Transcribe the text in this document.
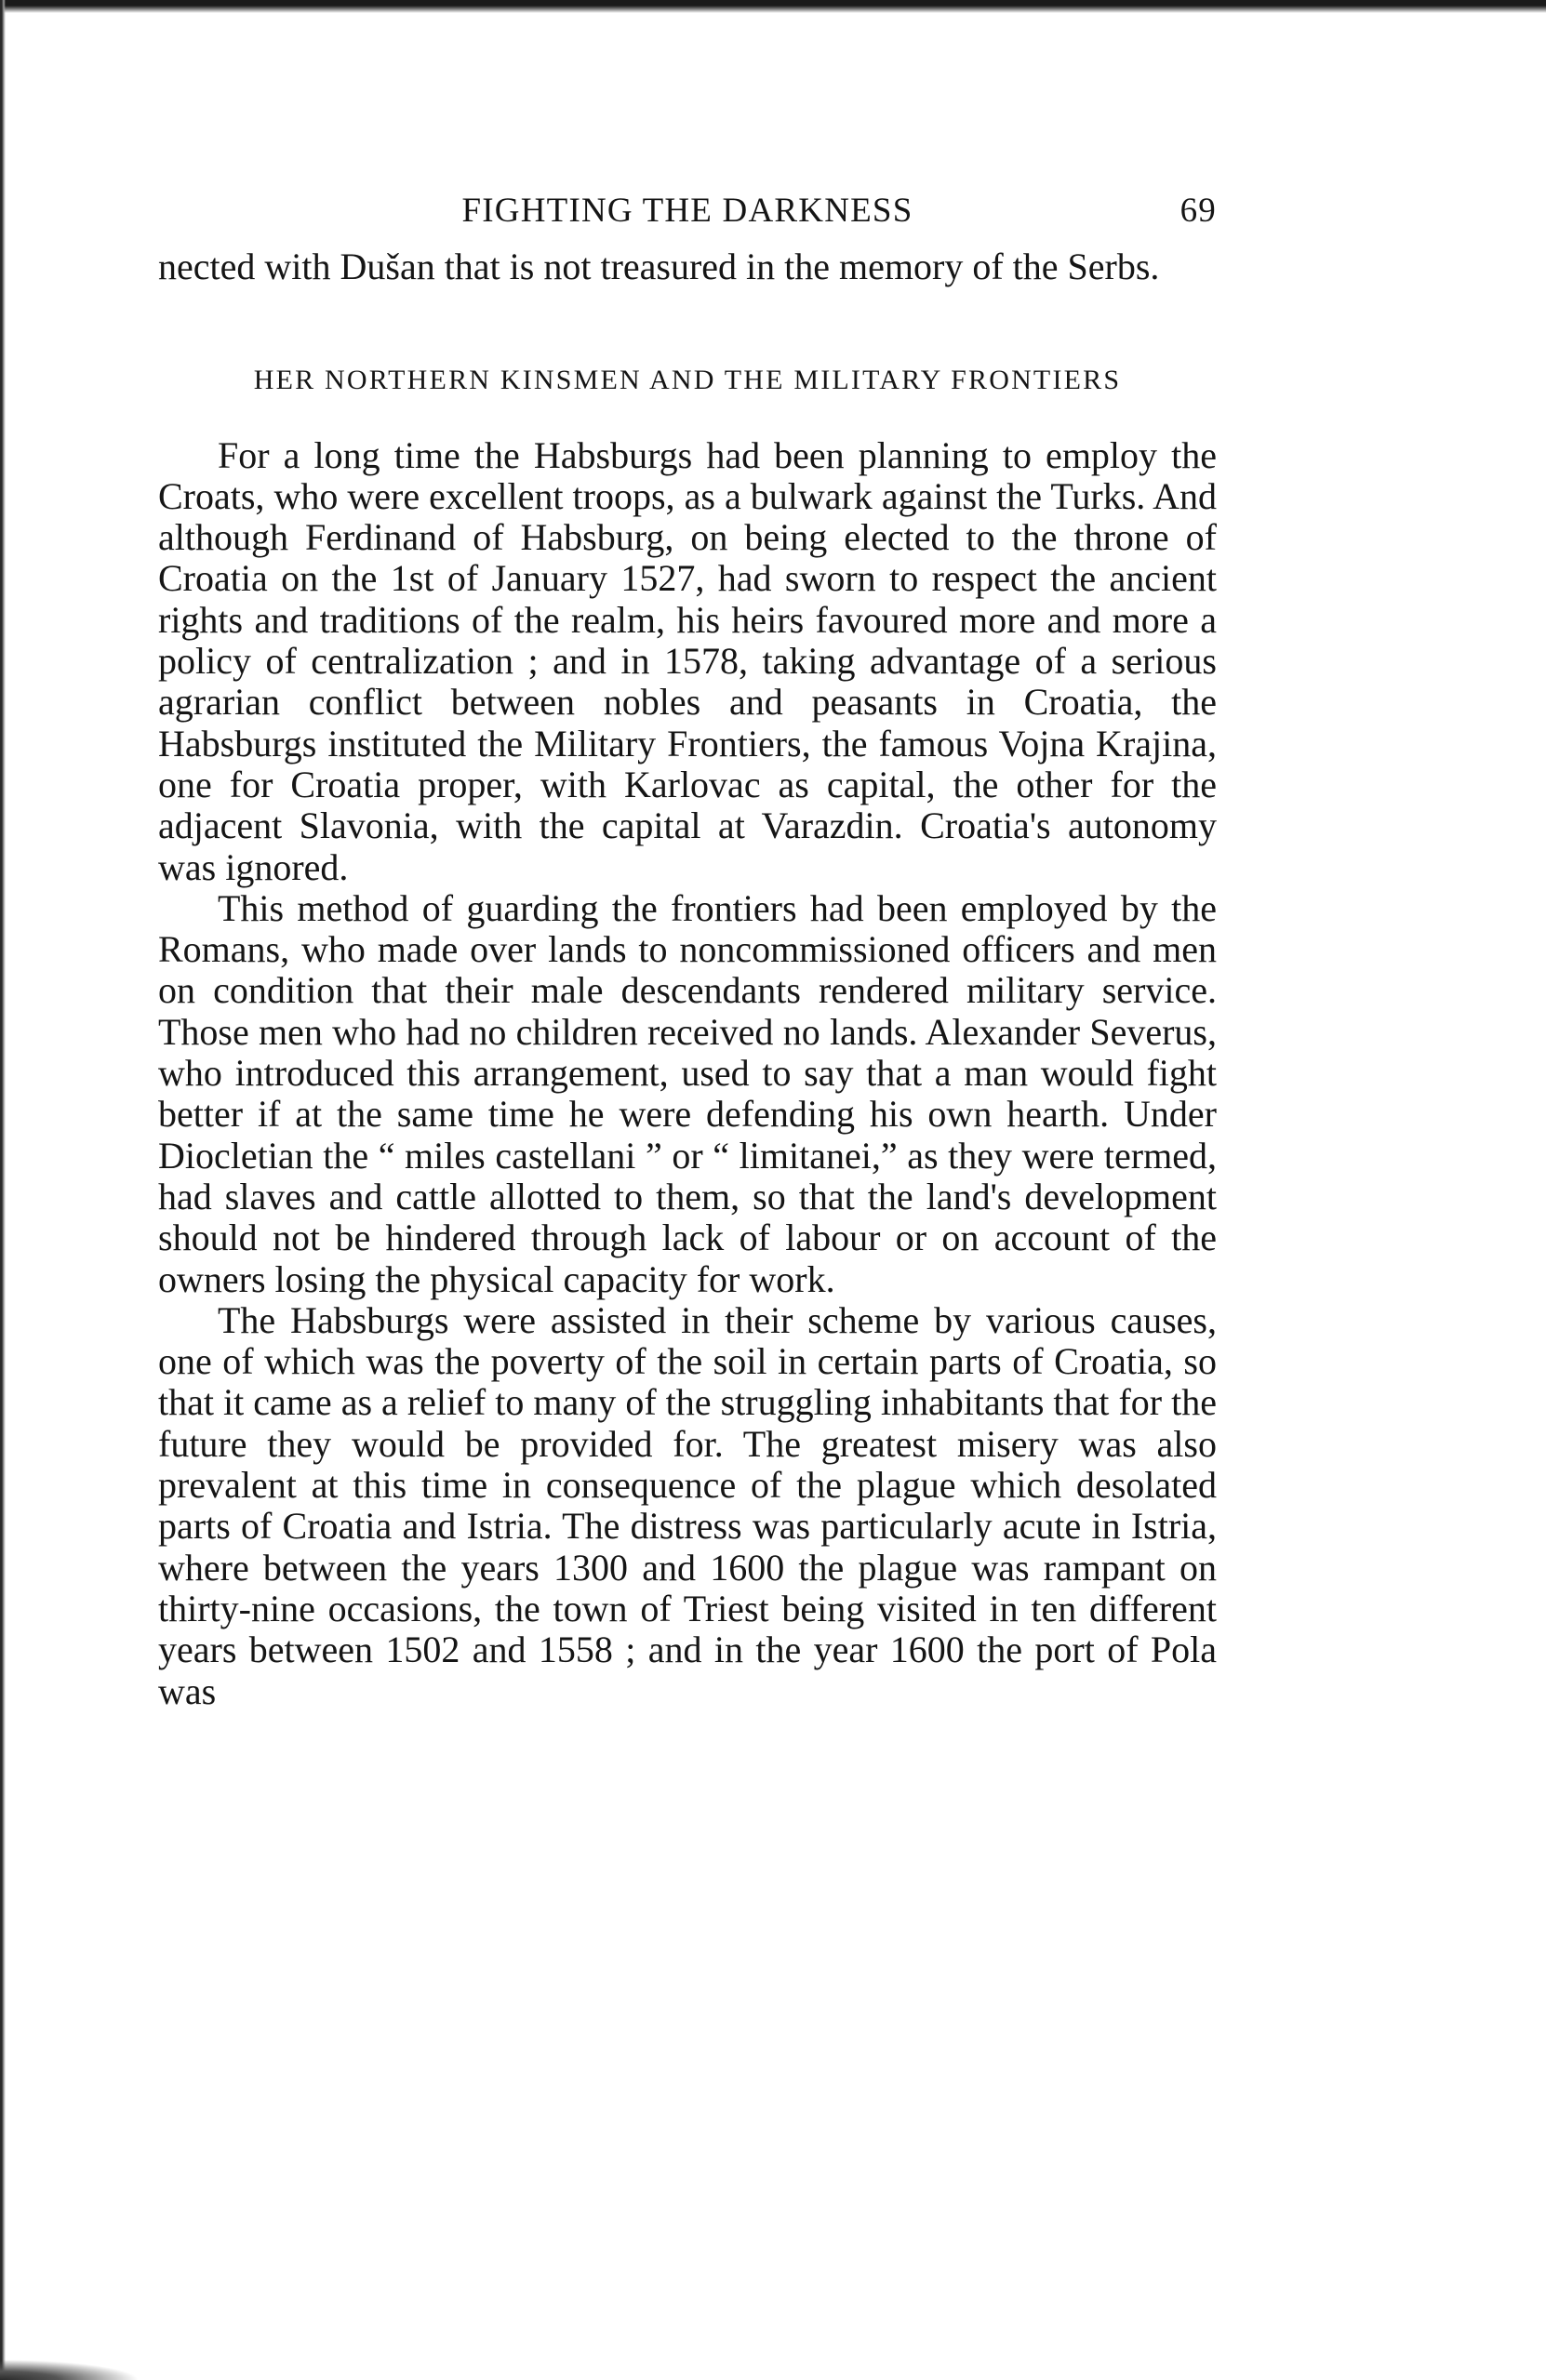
FIGHTING THE DARKNESS	69

nected with Dušan that is not treasured in the memory of the Serbs.

HER NORTHERN KINSMEN AND THE MILITARY FRONTIERS

For a long time the Habsburgs had been planning to employ the Croats, who were excellent troops, as a bulwark against the Turks. And although Ferdinand of Habsburg, on being elected to the throne of Croatia on the 1st of January 1527, had sworn to respect the ancient rights and traditions of the realm, his heirs favoured more and more a policy of centralization ; and in 1578, taking advantage of a serious agrarian conflict between nobles and peasants in Croatia, the Habsburgs instituted the Military Frontiers, the famous Vojna Krajina, one for Croatia proper, with Karlovac as capital, the other for the adjacent Slavonia, with the capital at Varazdin. Croatia's autonomy was ignored.

This method of guarding the frontiers had been employed by the Romans, who made over lands to noncommissioned officers and men on condition that their male descendants rendered military service. Those men who had no children received no lands. Alexander Severus, who introduced this arrangement, used to say that a man would fight better if at the same time he were defending his own hearth. Under Diocletian the “ miles castellani ” or “ limitanei,” as they were termed, had slaves and cattle allotted to them, so that the land's development should not be hindered through lack of labour or on account of the owners losing the physical capacity for work.

The Habsburgs were assisted in their scheme by various causes, one of which was the poverty of the soil in certain parts of Croatia, so that it came as a relief to many of the struggling inhabitants that for the future they would be provided for. The greatest misery was also prevalent at this time in consequence of the plague which desolated parts of Croatia and Istria. The distress was particularly acute in Istria, where between the years 1300 and 1600 the plague was rampant on thirty-nine occasions, the town of Triest being visited in ten different years between 1502 and 1558 ; and in the year 1600 the port of Pola was
